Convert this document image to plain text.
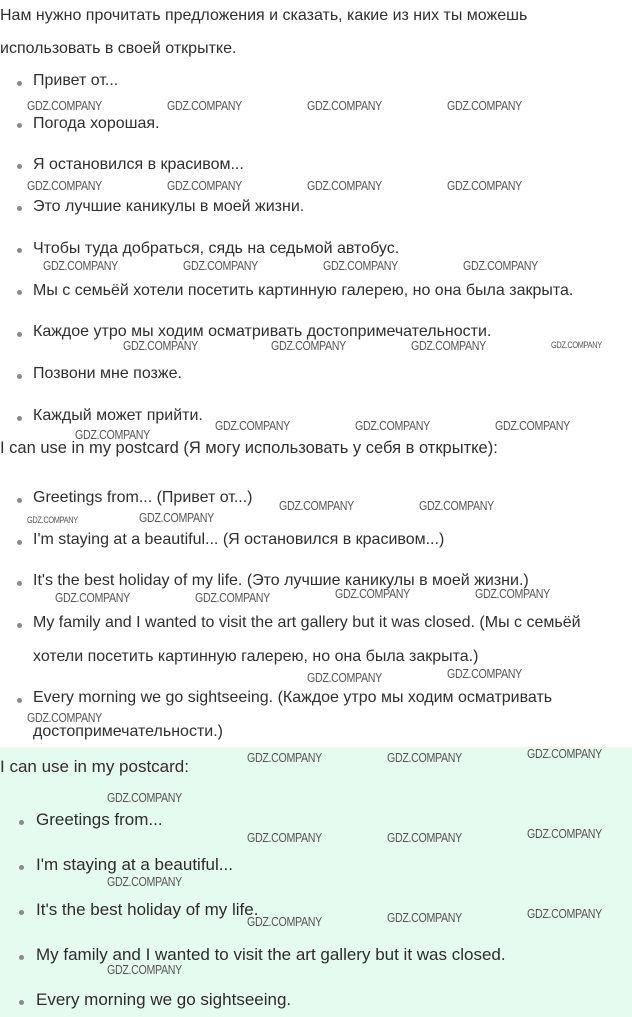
Нам нужно прочитать предложения и сказать, какие из них ты можешь
использовать в своей открытке.
Привет от...
Погода хорошая.
Я остановился в красивом...
Это лучшие каникулы в моей жизни.
Чтобы туда добраться, сядь на седьмой автобус.
Мы с семьёй хотели посетить картинную галерею, но она была закрыта.
Каждое утро мы ходим осматривать достопримечательности.
Позвони мне позже.
Каждый может прийти.
I can use in my postcard (Я могу использовать у себя в открытке):
Greetings from... (Привет от...)
I'm staying at a beautiful... (Я остановился в красивом...)
It's the best holiday of my life. (Это лучшие каникулы в моей жизни.)
My family and I wanted to visit the art gallery but it was closed. (Мы с семьёй
хотели посетить картинную галерею, но она была закрыта.)
Every morning we go sightseeing. (Каждое утро мы ходим осматривать
достопримечательности.)
I can use in my postcard:
Greetings from...
I'm staying at a beautiful...
It's the best holiday of my life.
My family and I wanted to visit the art gallery but it was closed.
Every morning we go sightseeing.
GDZ.COMPANY	GDZ.COMPANY	GDZ.COMPANY	GDZ.COMPANY
GDZ.COMPANY	GDZ.COMPANY	GDZ.COMPANY	GDZ.COMPANY
GDZ.COMPANY	GDZ.COMPANY	GDZ.COMPANY	GDZ.COMPANY
GDZ.COMPANY	GDZ.COMPANY	GDZ.COMPANY	GDZ.COMPANY
GDZ.COMPANY	GDZ.COMPANY	GDZ.COMPANY
GDZ.COMPANY
GDZ.COMPANY	GDZ.COMPANY
GDZ.COMPANY	GDZ.COMPANY
GDZ.COMPANY	GDZ.COMPANY	GDZ.COMPANY	GDZ.COMPANY
GDZ.COMPANY	GDZ.COMPANY
GDZ.COMPANY
GDZ.COMPANY	GDZ.COMPANY	GDZ.COMPANY
GDZ.COMPANY
GDZ.COMPANY	GDZ.COMPANY	GDZ.COMPANY
GDZ.COMPANY
GDZ.COMPANY	GDZ.COMPANY	GDZ.COMPANY
GDZ.COMPANY
